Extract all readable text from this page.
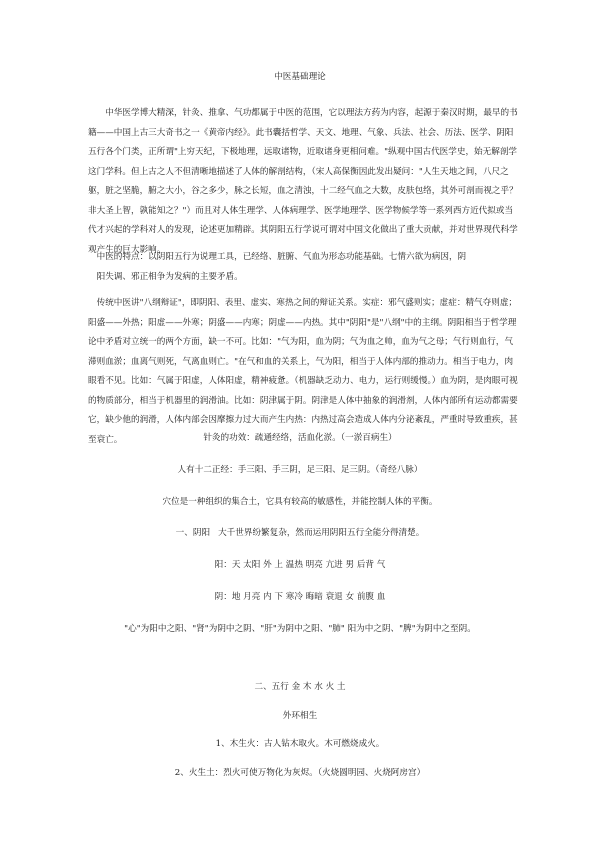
中医基础理论

中华医学博大精深，针灸、推拿、气功都属于中医的范围，它以理法方药为内容，起源于秦汉时期，最早的书籍——中国上古三大奇书之一《黄帝内经》。此书囊括哲学、天文、地理、气象、兵法、社会、历法、医学、阴阳五行各个门类，正所谓"上穷天纪，下极地理，远取诸物，近取诸身更相问难。"纵观中国古代医学史，始无解剖学这门学科。但上古之人不但清晰地描述了人体的解剖结构，（宋人高保衡因此发出疑问："人生天地之间，八尺之躯，脏之坚脆，腑之大小，谷之多少，脉之长短，血之清浊，十二经气血之大数，皮肤包络，其外可剖而视之乎？非大圣上智，孰能知之？"）而且对人体生理学、人体病理学、医学地理学、医学物候学等一系列西方近代拟或当代才兴起的学科对人的发现，论述更加精辟。其阴阳五行学说可谓对中国文化做出了重大贡献，并对世界现代科学观产生的巨大影响。

中医的特点：以阴阳五行为说理工具，已经络、脏腑、气血为形态功能基础。七情六欲为病因，阴
阳失调、邪正相争为发病的主要矛盾。

传统中医讲"八纲辩证"，即阴阳、表里、虚实、寒热之间的辩证关系。实症：邪气盛则实；虚症：精气夺则虚；阳盛——外热；阳虚——外寒；阴盛——内寒；阴虚——内热。其中"阴阳"是"八纲"中的主纲。阴阳相当于哲学理论中矛盾对立统一的两个方面，缺一不可。比如："气为阳，血为阴；气为血之帅，血为气之母；气行则血行，气滞则血淤；血离气则死，气离血则亡。"在气和血的关系上，气为阳，相当于人体内部的推动力。相当于电力，肉眼看不见。比如：气属于阳虚，人体阳虚，精神疲惫。（机器缺乏动力、电力，运行则缓慢。）血为阴，是肉眼可视的物质部分，相当于机器里的润滑油。比如：阴津属于阴。阴津是人体中抽象的润滑剂，人体内部所有运动都需要它，缺少他的润滑，人体内部会因摩擦力过大而产生内热：内热过高会造成人体内分泌紊乱，严重时导致重疾，甚至衰亡。	针灸的功效：疏通经络，活血化淤。（一淤百病生）

人有十二正经：手三阳、手三阴，足三阳、足三阴。（奇经八脉）

穴位是一种组织的集合土，它具有较高的敏感性，并能控制人体的平衡。

一、阴阳 大千世界纷繁复杂，然而运用阴阳五行全能分得清楚。

阳：天 太阳 外 上 温热 明亮 亢进 男 后背 气

阴：地 月亮 内 下 寒冷 晦暗 衰退 女 前腹 血

"心"为阳中之阳、"肾"为阴中之阴、"肝"为阴中之阳、"肺" 阳为中之阴、"脾"为阴中之至阴。

二、五行 金 木 水 火 土

外环相生

1、木生火：古人钻木取火。木可燃烧成火。

2、火生土：烈火可使万物化为灰烬。（火烧圆明园、火烧阿房宫）
